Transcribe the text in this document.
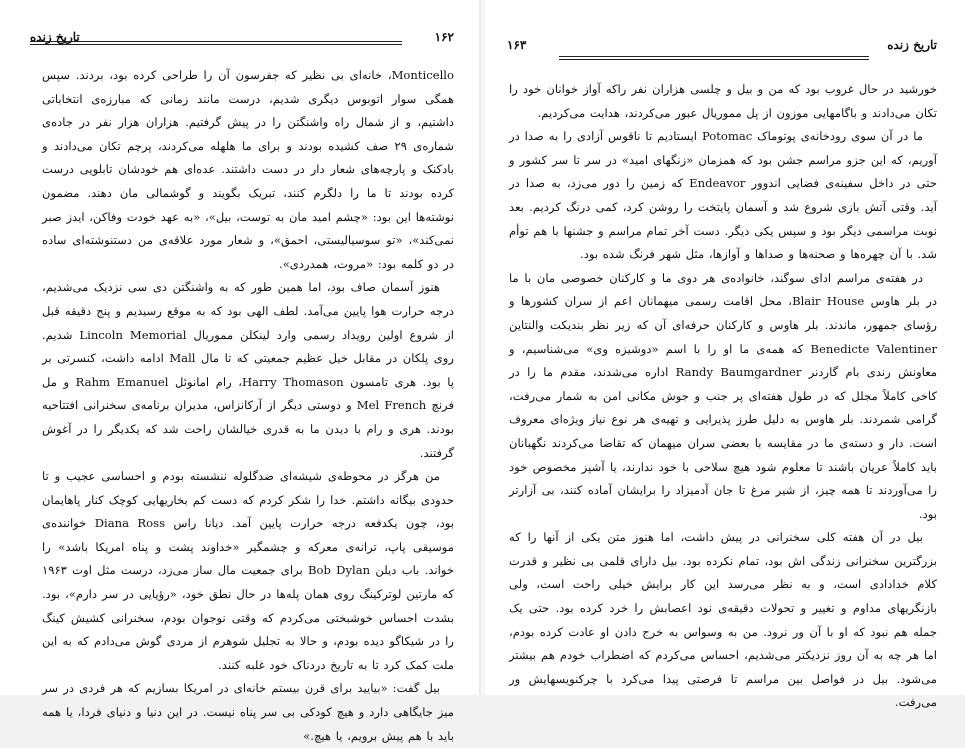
تاریخ زنده	۱۶۲

Monticello، خانه‌ای بی نظیر که جفرسون آن را طراحی کرده بود، بردند. سپس همگی سوار اتوبوس دیگری شدیم، درست مانند زمانی که مبارزه‌ی انتخاباتی داشتیم، و از شمال راه واشنگتن را در پیش گرفتیم. هزاران هزار نفر در جاده‌ی شماره‌ی ۲۹ صف کشیده بودند و برای ما هلهله می‌کردند، پرچم تکان می‌دادند و بادکنک و پارچه‌های شعار دار در دست داشتند. عده‌ای هم خودشان تابلویی درست کرده بودند تا ما را دلگرم کنند، تبریک بگویند و گوشمالی مان دهند. مضمون نوشته‌ها این بود: «چشم امید مان به توست، بیل»، «به عهد خودت وفاکن، ایدز صبر نمی‌کند»، «تو سوسیالیستی، احمق»، و شعار مورد علاقه‌ی من دستنوشته‌ای ساده در دو کلمه بود: «مروت، همدردی».

هنوز آسمان صاف بود، اما همین طور که به واشنگتن دی سی نزدیک می‌شدیم، درجه حرارت هوا پایین می‌آمد. لطف الهی بود که به موقع رسیدیم و پنج دقیقه قبل از شروع اولین رویداد رسمی وارد لینکلن مموریال Lincoln Memorial شدیم. روی پلکان در مقابل خیل عظیم جمعیتی که تا مال Mall ادامه داشت، کنسرتی بر پا بود. هری تامسون Harry Thomason، رام امانوئل Rahm Emanuel و مل فرنچ Mel French و دوستی دیگر از آرکانزاس، مدیران برنامه‌ی سخنرانی افتتاحیه بودند. هری و رام با دیدن ما به قدری خیالشان راحت شد که یکدیگر را در آغوش گرفتند.

من هرگز در محوطه‌ی شیشه‌ای ضدگلوله ننشسته بودم و احساسی عجیب و تا حدودی بیگانه داشتم. خدا را شکر کردم که دست کم بخاریهایی کوچک کنار پاهایمان بود، چون یکدفعه درجه حرارت پایین آمد. دیانا راس Diana Ross خواننده‌ی موسیقی پاپ، ترانه‌ی معرکه و چشمگیر «خداوند پشت و پناه امریکا باشد» را خواند. باب دیلن Bob Dylan برای جمعیت مال ساز می‌زد، درست مثل اوت ۱۹۶۳ که مارتین لوترکینگ روی همان پله‌ها در حال نطق خود، «رؤیایی در سر دارم»، بود. بشدت احساس خوشبختی می‌کردم که وقتی نوجوان بودم، سخنرانی کشیش کینگ را در شیکاگو دیده بودم، و حالا به تجلیل شوهرم از مردی گوش می‌دادم که به این ملت کمک کرد تا به تاریخ دردناک خود غلبه کنند.

بیل گفت: «بیایید برای قرن بیستم خانه‌ای در امریکا بسازیم که هر فردی در سر میز جایگاهی دارد و هیچ کودکی بی سر پناه نیست. در این دنیا و دنیای فردا، یا همه باید با هم پیش برویم، یا هیچ.»

۱۶۳	تاریخ زنده

خورشید در حال غروب بود که من و بیل و چلسی هزاران نفر راکه آواز خوانان خود را تکان می‌دادند و باگامهایی موزون از پل مموریال عبور می‌کردند، هدایت می‌کردیم.

ما در آن سوی رودخانه‌ی پوتوماک Potomac ایستادیم تا ناقوس آزادی را به صدا در آوریم، که این جزو مراسم جشن بود که همزمان «زنگهای امید» در سر تا سر کشور و حتی در داخل سفینه‌ی فضایی اندوور Endeavor که زمین را دور می‌زد، به صدا در آید. وقتی آتش بازی شروع شد و آسمان پایتخت را روشن کرد، کمی درنگ کردیم. بعد نوبت مراسمی دیگر بود و سپس یکی دیگر. دست آخر تمام مراسم و جشنها با هم توأم شد. با آن چهره‌ها و صحنه‌ها و صداها و آوازها، مثل شهر فرنگ شده بود.

در هفته‌ی مراسم ادای سوگند، خانواده‌ی هر دوی ما و کارکنان خصوصی مان با ما در بلر هاوس Blair House، محل اقامت رسمی میهمانان اعم از سران کشورها و رؤسای جمهور، ماندند. بلر هاوس و کارکنان حرفه‌ای آن که زیر نظر بندیکت والنتاین Benedicte Valentiner که همه‌ی ما او را با اسم «دوشیزه وی» می‌شناسیم، و معاونش رندی بام گاردنر Randy Baumgardner اداره می‌شدند، مقدم ما را در کاخی کاملاً مجلل که در طول هفته‌ای پر جنب و جوش مکانی امن به شمار می‌رفت، گرامی شمردند. بلر هاوس به دلیل طرز پذیرایی و تهیه‌ی هر نوع نیاز ویژه‌ای معروف است. دار و دسته‌ی ما در مقایسه با بعضی سران میهمان که تقاضا می‌کردند نگهبانان باید کاملاً عریان باشند تا معلوم شود هیچ سلاحی با خود ندارند، یا آشپز مخصوص خود را می‌آوردند تا همه چیز، از شیر مرغ تا جان آدمیزاد را برایشان آماده کنند، بی آزارتر بود.

بیل در آن هفته کلی سخنرانی در پیش داشت، اما هنوز متن یکی از آنها را که بزرگترین سخنرانی زندگی اش بود، تمام نکرده بود. بیل دارای قلمی بی نظیر و قدرت کلام خدادادی است، و به نظر می‌رسد این کار برایش خیلی راحت است، ولی بازنگریهای مداوم و تغییر و تحولات دقیقه‌ی نود اعصابش را خرد کرده بود. حتی یک جمله هم نبود که او با آن ور نرود. من به وسواس به خرج دادن او عادت کرده بودم، اما هر چه به آن روز نزدیکتر می‌شدیم، احساس می‌کردم که اضطراب خودم هم بیشتر می‌شود. بیل در فواصل بین مراسم تا فرصتی پیدا می‌کرد با چرکنویسهایش ور می‌رفت.
